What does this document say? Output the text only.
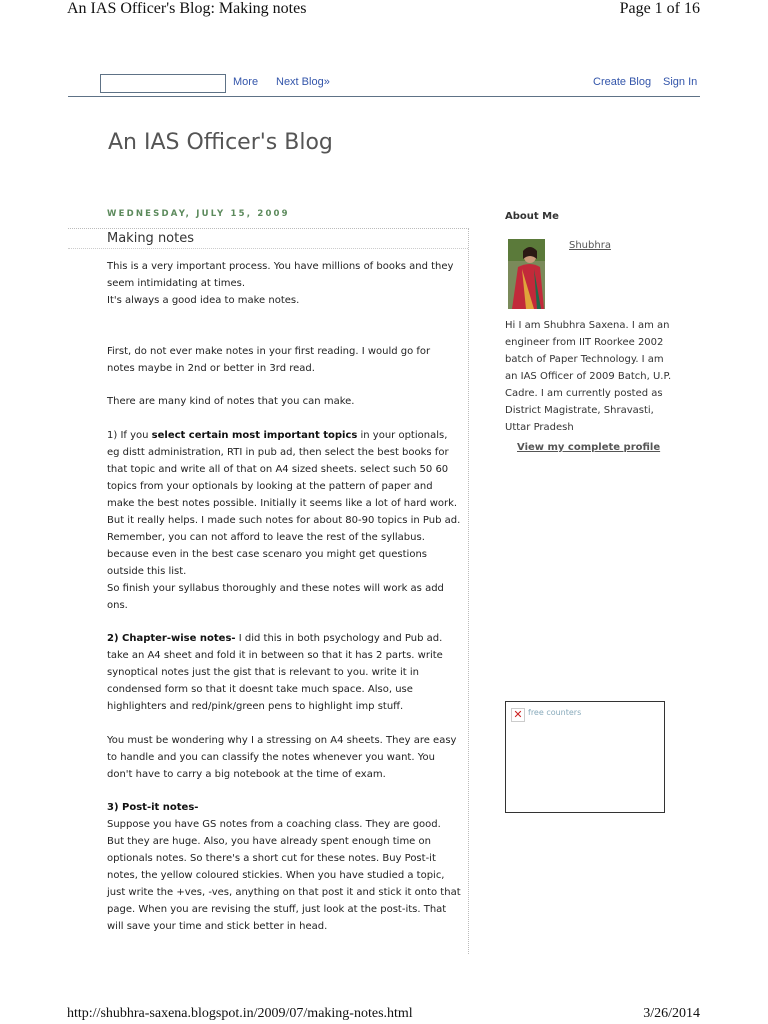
An IAS Officer's Blog: Making notes	Page 1 of 16
More Next Blog»	Create Blog Sign In
An IAS Officer's Blog
WEDNESDAY, JULY 15, 2009
Making notes

This is a very important process. You have millions of books and they seem intimidating at times.
It's always a good idea to make notes.

First, do not ever make notes in your first reading. I would go for notes maybe in 2nd or better in 3rd read.

There are many kind of notes that you can make.

1) If you select certain most important topics in your optionals, eg distt administration, RTI in pub ad, then select the best books for that topic and write all of that on A4 sized sheets. select such 50 60 topics from your optionals by looking at the pattern of paper and make the best notes possible. Initially it seems like a lot of hard work. But it really helps. I made such notes for about 80-90 topics in Pub ad. Remember, you can not afford to leave the rest of the syllabus. because even in the best case scenaro you might get questions outside this list.
So finish your syllabus thoroughly and these notes will work as add ons.

2) Chapter-wise notes- I did this in both psychology and Pub ad. take an A4 sheet and fold it in between so that it has 2 parts. write synoptical notes just the gist that is relevant to you. write it in condensed form so that it doesnt take much space. Also, use highlighters and red/pink/green pens to highlight imp stuff.

You must be wondering why I a stressing on A4 sheets. They are easy to handle and you can classify the notes whenever you want. You don't have to carry a big notebook at the time of exam.

3) Post-it notes-
Suppose you have GS notes from a coaching class. They are good. But they are huge. Also, you have already spent enough time on optionals notes. So there's a short cut for these notes. Buy Post-it notes, the yellow coloured stickies. When you have studied a topic, just write the +ves, -ves, anything on that post it and stick it onto that page. When you are revising the stuff, just look at the post-its. That will save your time and stick better in head.

About Me
Shubhra

Hi I am Shubhra Saxena. I am an engineer from IIT Roorkee 2002 batch of Paper Technology. I am an IAS Officer of 2009 Batch, U.P. Cadre. I am currently posted as District Magistrate, Shravasti, Uttar Pradesh

View my complete profile
✕ free counters
http://shubhra-saxena.blogspot.in/2009/07/making-notes.html	3/26/2014
